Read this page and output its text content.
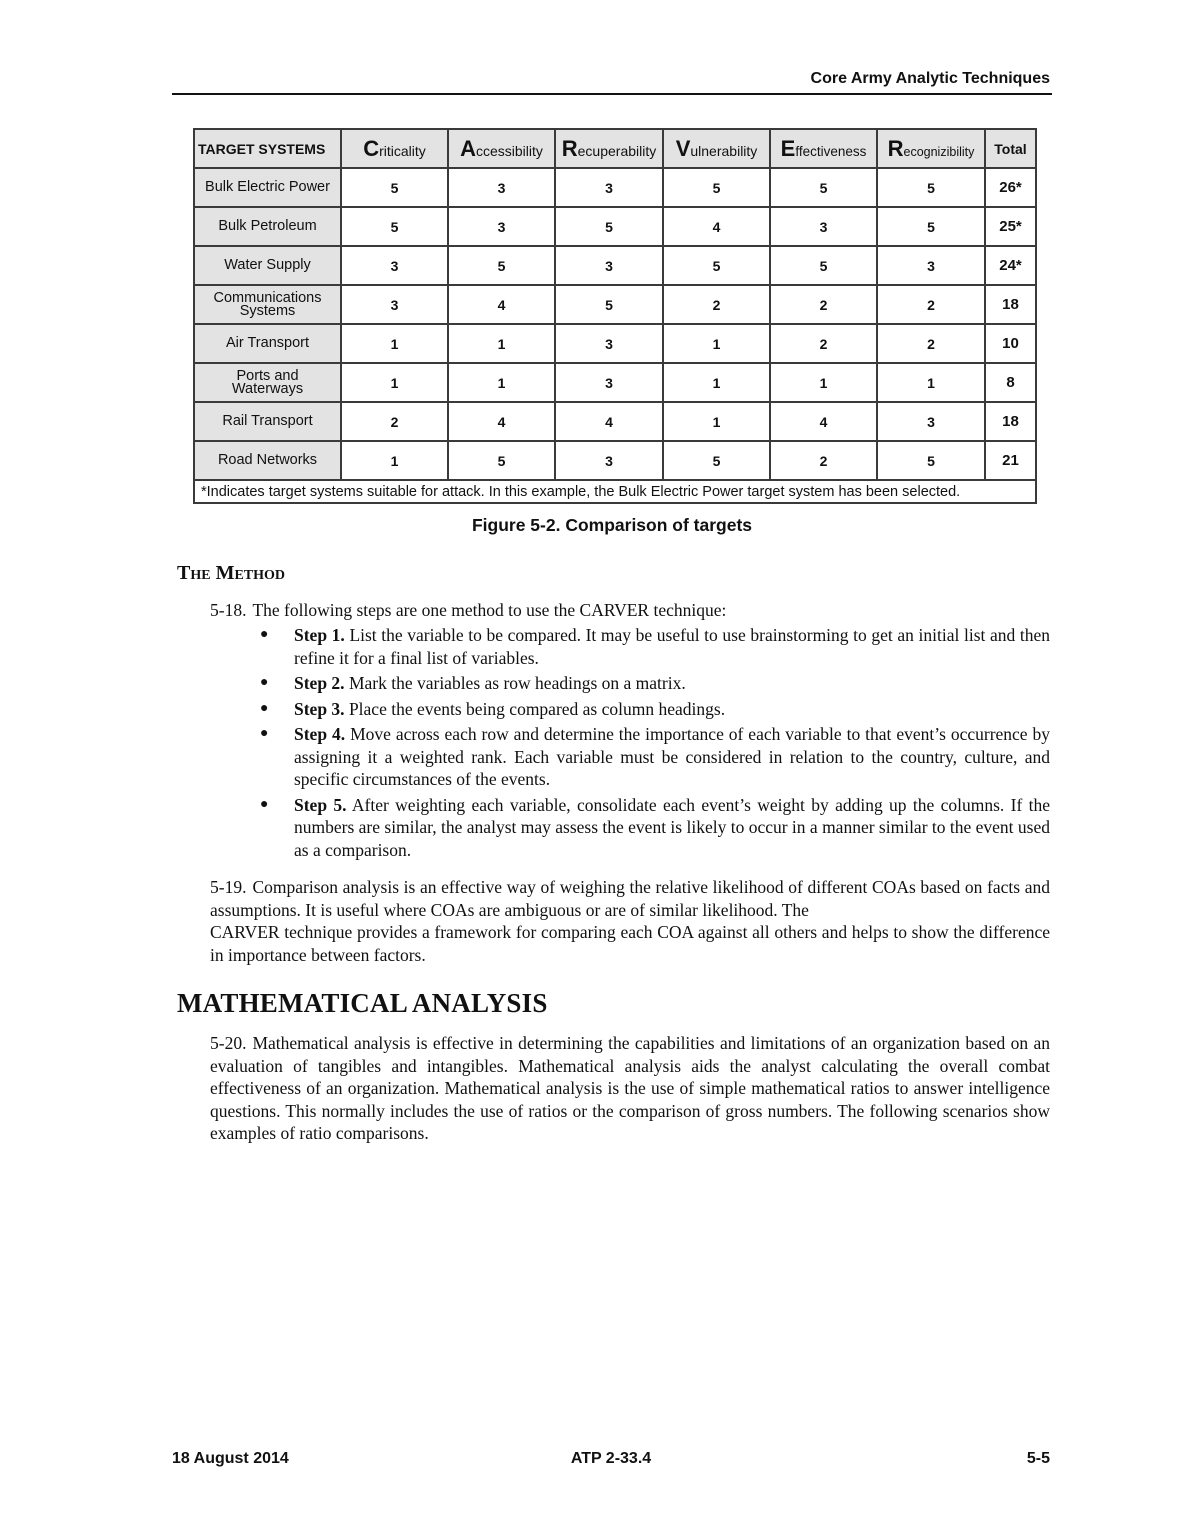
Core Army Analytic Techniques
TARGET SYSTEMS	Criticality	Accessibility	Recuperability	Vulnerability	Effectiveness	Recognizibility	Total
Bulk Electric Power	5	3	3	5	5	5	26*
Bulk Petroleum	5	3	5	4	3	5	25*
Water Supply	3	5	3	5	5	3	24*
Communications
Systems	3	4	5	2	2	2	18
Air Transport	1	1	3	1	2	2	10
Ports and
Waterways	1	1	3	1	1	1	8
Rail Transport	2	4	4	1	4	3	18
Road Networks	1	5	3	5	2	5	21
*Indicates target systems suitable for attack. In this example, the Bulk Electric Power target system has been selected.							
Figure 5-2. Comparison of targets
The Method
5-18. The following steps are one method to use the CARVER technique:
● Step 1. List the variable to be compared. It may be useful to use brainstorming to get an initial list and then refine it for a final list of variables.
● Step 2. Mark the variables as row headings on a matrix.
● Step 3. Place the events being compared as column headings.
● Step 4. Move across each row and determine the importance of each variable to that event’s occurrence by assigning it a weighted rank. Each variable must be considered in relation to the country, culture, and specific circumstances of the events.
● Step 5. After weighting each variable, consolidate each event’s weight by adding up the columns. If the numbers are similar, the analyst may assess the event is likely to occur in a manner similar to the event used as a comparison.
5-19. Comparison analysis is an effective way of weighing the relative likelihood of different COAs based on facts and assumptions. It is useful where COAs are ambiguous or are of similar likelihood. The
CARVER technique provides a framework for comparing each COA against all others and helps to show the difference in importance between factors.
MATHEMATICAL ANALYSIS
5-20. Mathematical analysis is effective in determining the capabilities and limitations of an organization based on an evaluation of tangibles and intangibles. Mathematical analysis aids the analyst calculating the overall combat effectiveness of an organization. Mathematical analysis is the use of simple mathematical ratios to answer intelligence questions. This normally includes the use of ratios or the comparison of gross numbers. The following scenarios show examples of ratio comparisons.
18 August 2014	ATP 2-33.4	5-5
